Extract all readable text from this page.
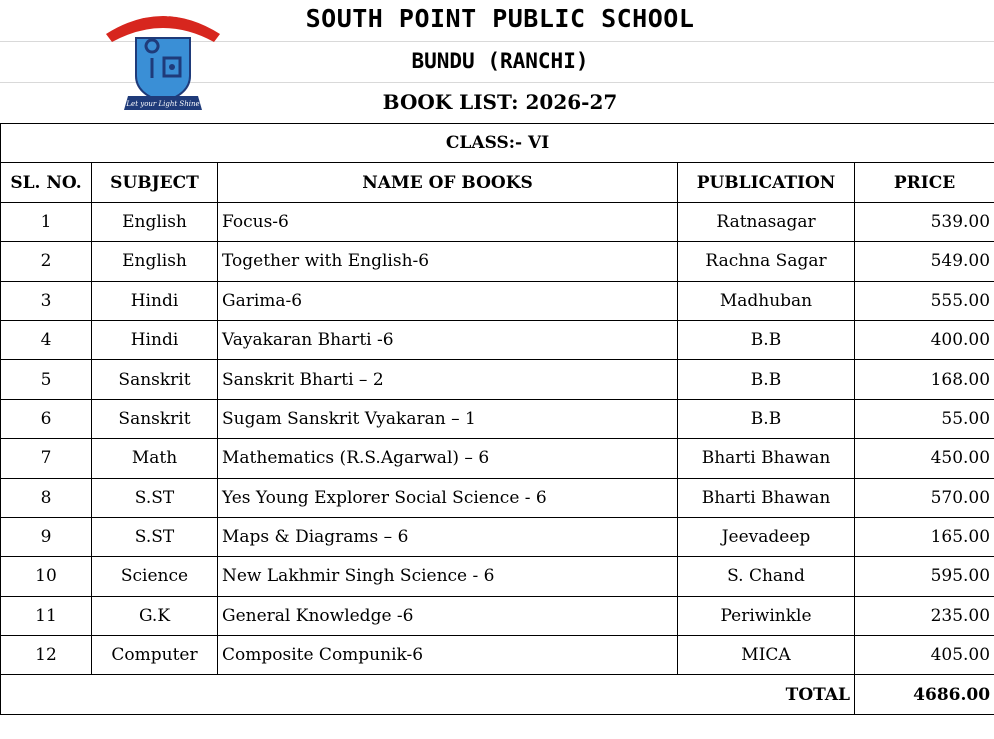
UTH POINT PUBLIC SCHO
Let your Light Shine
SOUTH POINT PUBLIC SCHOOL
BUNDU (RANCHI)
BOOK LIST: 2026-27
CLASS:- VI				
SL. NO.	SUBJECT	NAME OF BOOKS	PUBLICATION	PRICE
1	English	Focus-6	Ratnasagar	539.00
2	English	Together with English-6	Rachna Sagar	549.00
3	Hindi	Garima-6	Madhuban	555.00
4	Hindi	Vayakaran Bharti -6	B.B	400.00
5	Sanskrit	Sanskrit Bharti – 2	B.B	168.00
6	Sanskrit	Sugam Sanskrit Vyakaran – 1	B.B	55.00
7	Math	Mathematics (R.S.Agarwal) – 6	Bharti Bhawan	450.00
8	S.ST	Yes Young Explorer Social Science - 6	Bharti Bhawan	570.00
9	S.ST	Maps & Diagrams – 6	Jeevadeep	165.00
10	Science	New Lakhmir Singh Science - 6	S. Chand	595.00
11	G.K	General Knowledge -6	Periwinkle	235.00
12	Computer	Composite Compunik-6	MICA	405.00
			TOTAL	4686.00
